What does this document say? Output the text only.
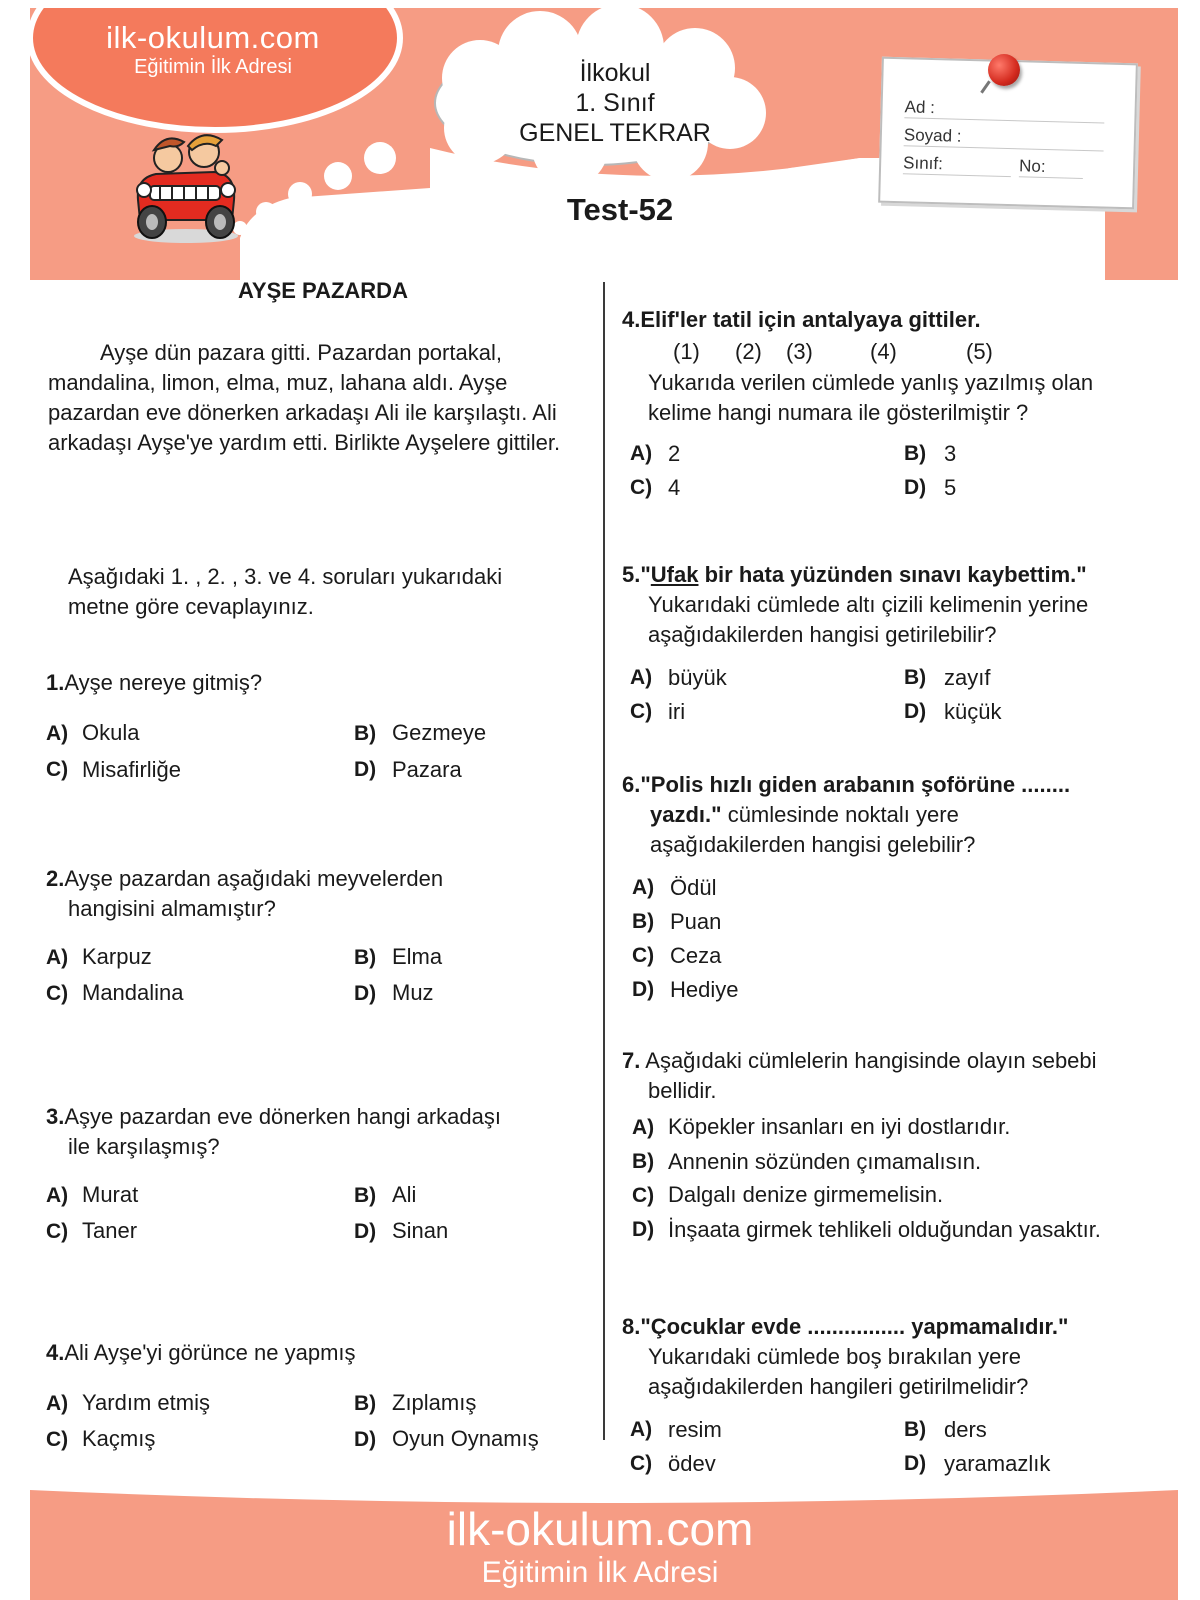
ilk-okulum.com
Eğitimin İlk Adresi	İlkokul
1. Sınıf
GENEL TEKRAR
Test-52
Ad :
Soyad :
Sınıf:	No:
AYŞE PAZARDA
Ayşe dün pazara gitti. Pazardan portakal, mandalina, limon, elma, muz, lahana aldı. Ayşe pazardan eve dönerken arkadaşı Ali ile karşılaştı. Ali arkadaşı Ayşe'ye yardım etti. Birlikte Ayşelere gittiler.
Aşağıdaki 1. , 2. , 3. ve 4. soruları yukarıdaki
metne göre cevaplayınız.
1.Ayşe nereye gitmiş?
A) Okula	B) Gezmeye
C) Misafirliğe	D) Pazara
2.Ayşe pazardan aşağıdaki meyvelerden
hangisini almamıştır?
A) Karpuz	B) Elma
C) Mandalina	D) Muz
3.Aşye pazardan eve dönerken hangi arkadaşı
ile karşılaşmış?
A) Murat	B) Ali
C) Taner	D) Sinan
4.Ali Ayşe'yi görünce ne yapmış
A) Yardım etmiş	B) Zıplamış
C) Kaçmış	D) Oyun Oynamış
4.Elif'ler tatil için antalyaya gittiler.
(1) (2) (3)	(4)	(5)
Yukarıda verilen cümlede yanlış yazılmış olan
kelime hangi numara ile gösterilmiştir ?
A) 2	B) 3
C) 4	D) 5
5."Ufak bir hata yüzünden sınavı kaybettim."
Yukarıdaki cümlede altı çizili kelimenin yerine
aşağıdakilerden hangisi getirilebilir?
A) büyük	B) zayıf
C) iri	D) küçük
6."Polis hızlı giden arabanın şoförüne ........
yazdı." cümlesinde noktalı yere
aşağıdakilerden hangisi gelebilir?
A) Ödül
B) Puan
C) Ceza
D) Hediye
7. Aşağıdaki cümlelerin hangisinde olayın sebebi
bellidir.
A) Köpekler insanları en iyi dostlarıdır.
B) Annenin sözünden çımamalısın.
C) Dalgalı denize girmemelisin.
D) İnşaata girmek tehlikeli olduğundan yasaktır.
8."Çocuklar evde ................ yapmamalıdır."
Yukarıdaki cümlede boş bırakılan yere
aşağıdakilerden hangileri getirilmelidir?
A) resim	B) ders
C) ödev	D) yaramazlık
ilk-okulum.com
Eğitimin İlk Adresi
